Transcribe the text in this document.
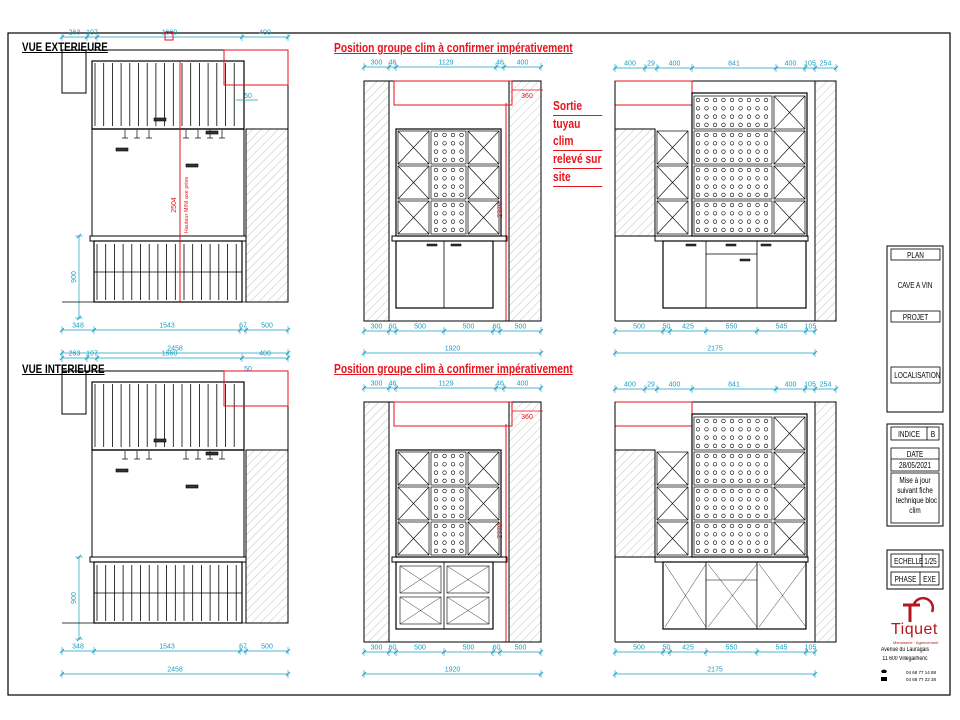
263 107	1660	400
50
2504 Hauteur MINI axe prise
900
348	1543	67 500
2458
300 46	1129	46 400
360
2370
300 60	500	500	60 500
1920
400 29 400	841	400 105 254
500	50 425	550	545 105
2175
263 107	1660	400
50
900
348	1543	67 500
2458
300 46	1129	46 400
360
2370
300 60	500	500	60 500
1920
400 29 400	841	400 105 254
500	50 425	550	545 105
2175
VUE EXTERIEURE
VUE INTERIEURE
Position groupe clim à confirmer impérativement
Position groupe clim à confirmer impérativement
Sortie
tuyau clim
relevé sur
site
PLAN
CAVE A VIN
PROJET
LOCALISATION
INDICE	B
DATE
28/05/2021
Mise à jour
suivant fiche
technique bloc
clim
ECHELLE 1/25
PHASE EXE
Tiquet
Menuiserie · Agencement
Avenue du Lauragais
11 600 Villegailhenc
04 68 77 14 88
04 68 77 22 38
